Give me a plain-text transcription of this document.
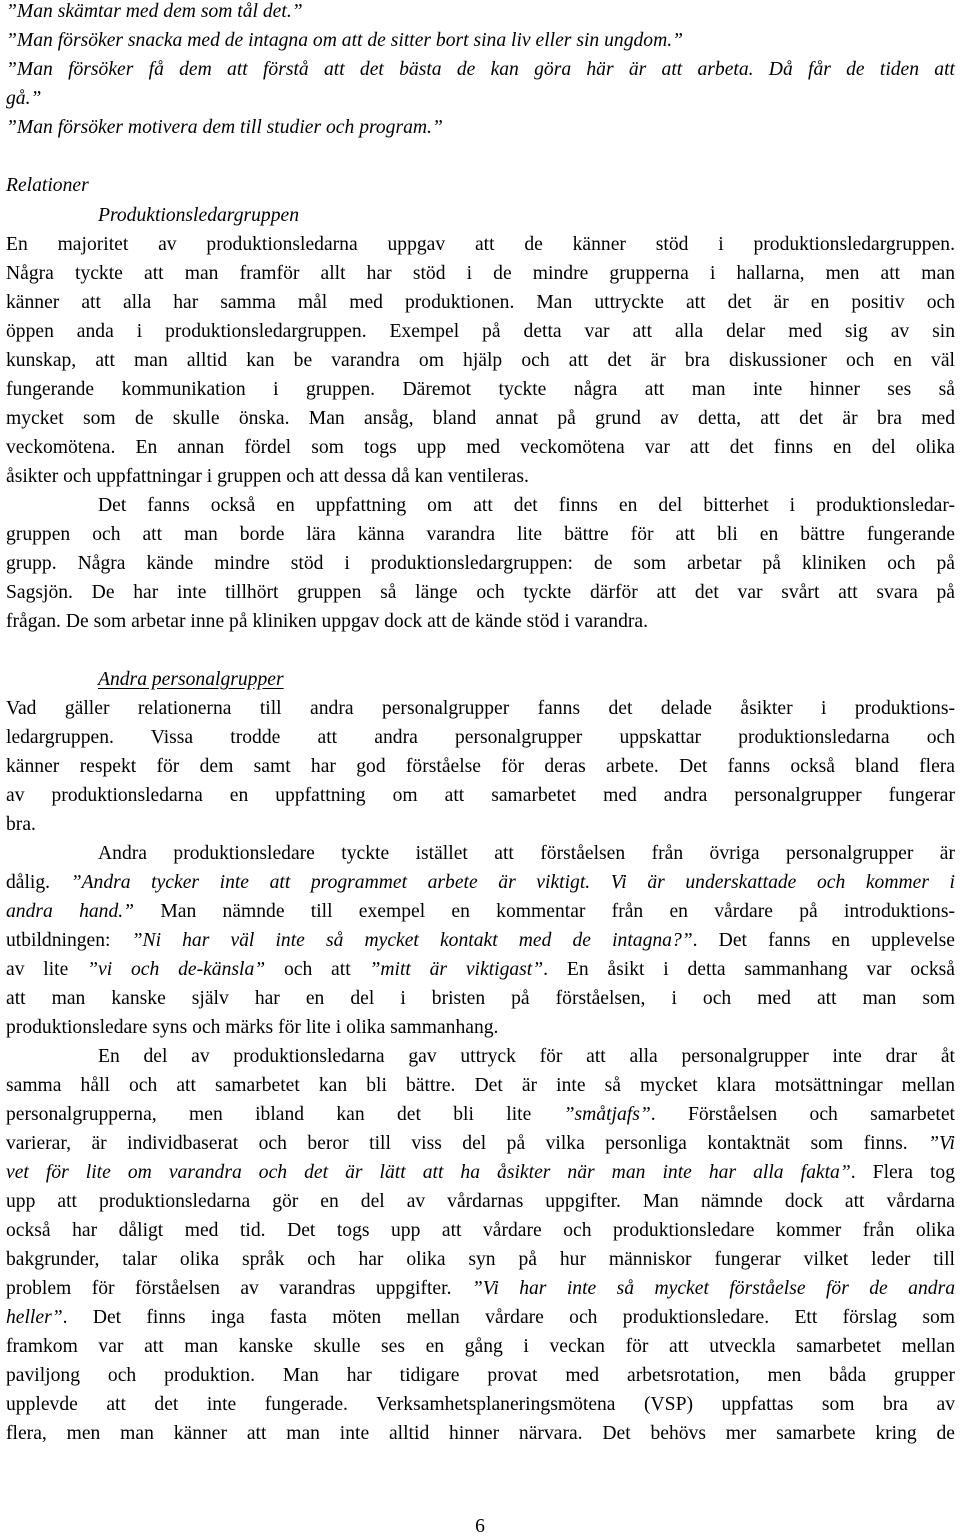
”Man skämtar med dem som tål det.”
”Man försöker snacka med de intagna om att de sitter bort sina liv eller sin ungdom.”
”Man försöker få dem att förstå att det bästa de kan göra här är att arbeta. Då får de tiden att
gå.”
”Man försöker motivera dem till studier och program.”
Relationer
Produktionsledargruppen
En majoritet av produktionsledarna uppgav att de känner stöd i produktionsledargruppen.
Några tyckte att man framför allt har stöd i de mindre grupperna i hallarna, men att man
känner att alla har samma mål med produktionen. Man uttryckte att det är en positiv och
öppen anda i produktionsledargruppen. Exempel på detta var att alla delar med sig av sin
kunskap, att man alltid kan be varandra om hjälp och att det är bra diskussioner och en väl
fungerande kommunikation i gruppen. Däremot tyckte några att man inte hinner ses så
mycket som de skulle önska. Man ansåg, bland annat på grund av detta, att det är bra med
veckomötena. En annan fördel som togs upp med veckomötena var att det finns en del olika
åsikter och uppfattningar i gruppen och att dessa då kan ventileras.
Det fanns också en uppfattning om att det finns en del bitterhet i produktionsledar-
gruppen och att man borde lära känna varandra lite bättre för att bli en bättre fungerande
grupp. Några kände mindre stöd i produktionsledargruppen: de som arbetar på kliniken och på
Sagsjön. De har inte tillhört gruppen så länge och tyckte därför att det var svårt att svara på
frågan. De som arbetar inne på kliniken uppgav dock att de kände stöd i varandra.
Andra personalgrupper
Vad gäller relationerna till andra personalgrupper fanns det delade åsikter i produktions-
ledargruppen. Vissa trodde att andra personalgrupper uppskattar produktionsledarna och
känner respekt för dem samt har god förståelse för deras arbete. Det fanns också bland flera
av produktionsledarna en uppfattning om att samarbetet med andra personalgrupper fungerar
bra.
Andra produktionsledare tyckte istället att förståelsen från övriga personalgrupper är
dålig. ”Andra tycker inte att programmet arbete är viktigt. Vi är underskattade och kommer i
andra hand.” Man nämnde till exempel en kommentar från en vårdare på introduktions-
utbildningen: ”Ni har väl inte så mycket kontakt med de intagna?”. Det fanns en upplevelse
av lite ”vi och de-känsla” och att ”mitt är viktigast”. En åsikt i detta sammanhang var också
att man kanske själv har en del i bristen på förståelsen, i och med att man som
produktionsledare syns och märks för lite i olika sammanhang.
En del av produktionsledarna gav uttryck för att alla personalgrupper inte drar åt
samma håll och att samarbetet kan bli bättre. Det är inte så mycket klara motsättningar mellan
personalgrupperna, men ibland kan det bli lite ”småtjafs”. Förståelsen och samarbetet
varierar, är individbaserat och beror till viss del på vilka personliga kontaktnät som finns. ”Vi
vet för lite om varandra och det är lätt att ha åsikter när man inte har alla fakta”. Flera tog
upp att produktionsledarna gör en del av vårdarnas uppgifter. Man nämnde dock att vårdarna
också har dåligt med tid. Det togs upp att vårdare och produktionsledare kommer från olika
bakgrunder, talar olika språk och har olika syn på hur människor fungerar vilket leder till
problem för förståelsen av varandras uppgifter. ”Vi har inte så mycket förståelse för de andra
heller”. Det finns inga fasta möten mellan vårdare och produktionsledare. Ett förslag som
framkom var att man kanske skulle ses en gång i veckan för att utveckla samarbetet mellan
paviljong och produktion. Man har tidigare provat med arbetsrotation, men båda grupper
upplevde att det inte fungerade. Verksamhetsplaneringsmötena (VSP) uppfattas som bra av
flera, men man känner att man inte alltid hinner närvara. Det behövs mer samarbete kring de
6
